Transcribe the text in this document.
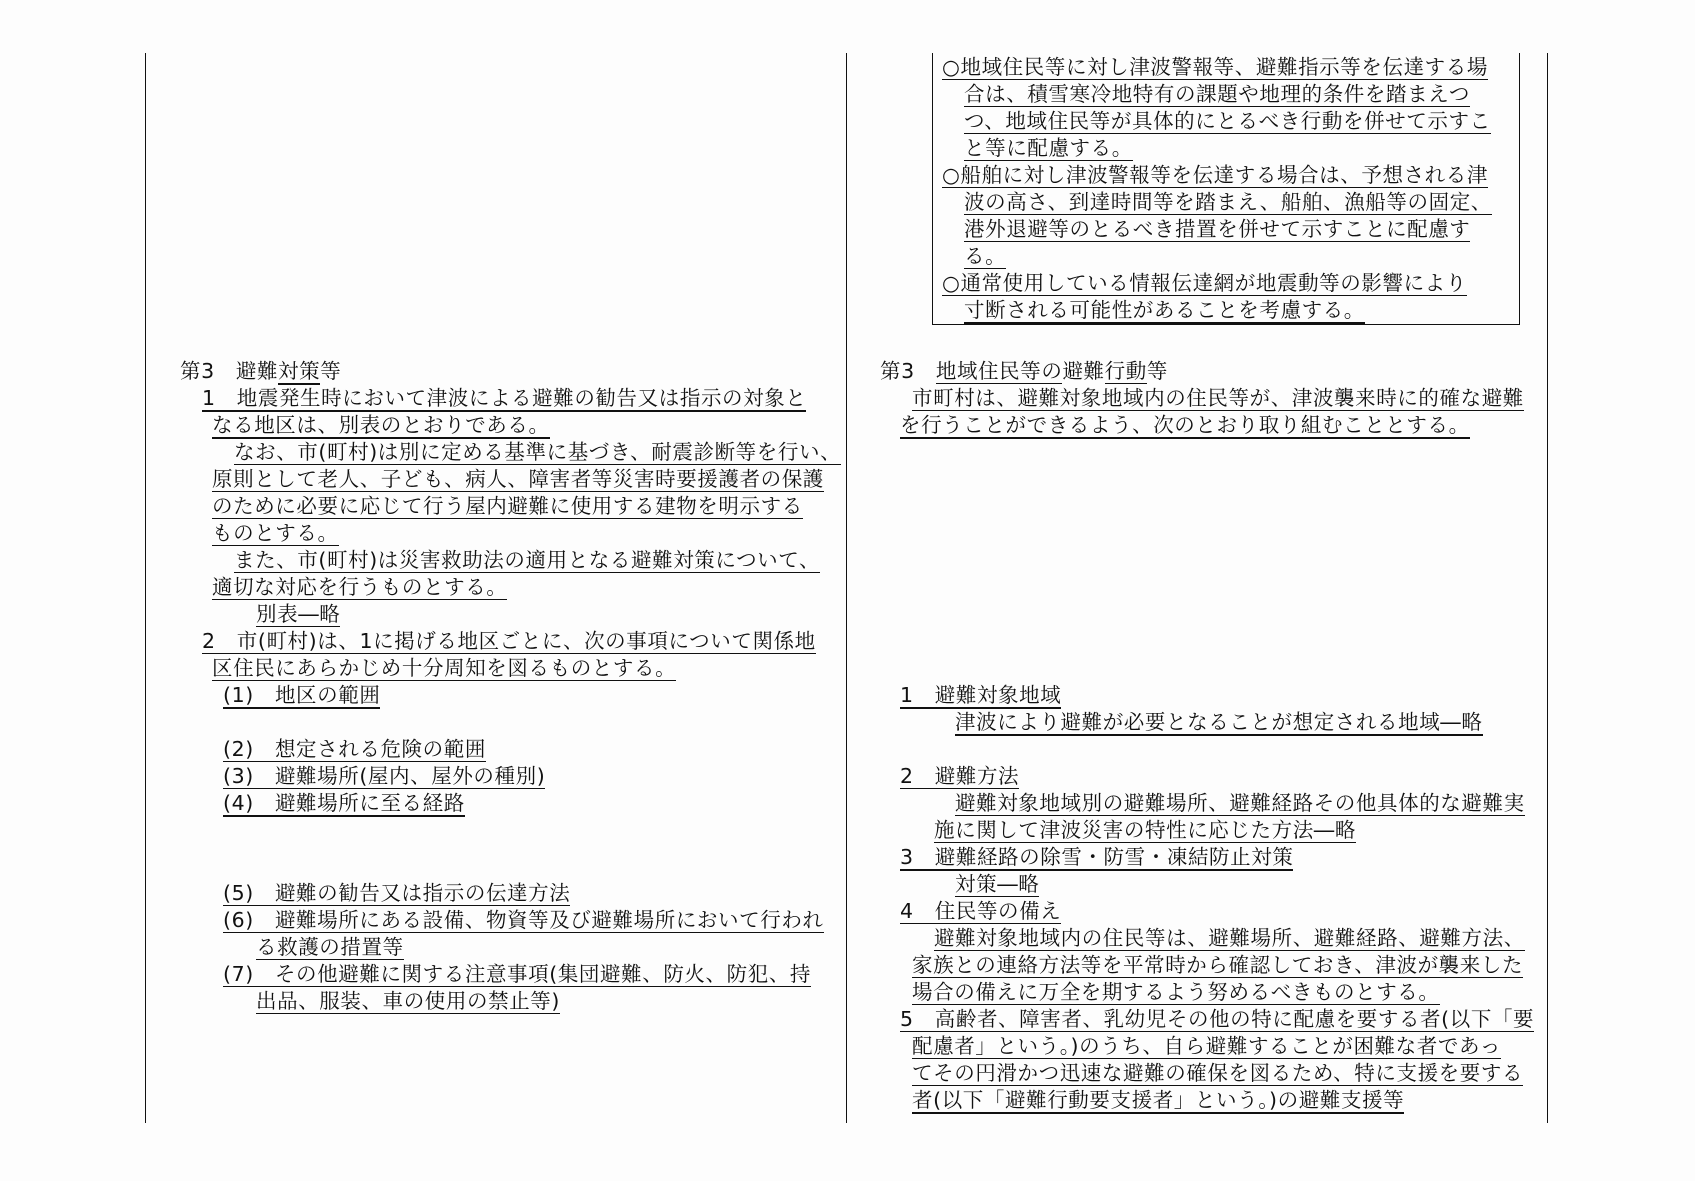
第3　避難対策等
1　地震発生時において津波による避難の勧告又は指示の対象と
なる地区は、別表のとおりである。
なお、市(町村)は別に定める基準に基づき、耐震診断等を行い、
原則として老人、子ども、病人、障害者等災害時要援護者の保護
のために必要に応じて行う屋内避難に使用する建物を明示する
ものとする。
また、市(町村)は災害救助法の適用となる避難対策について、
適切な対応を行うものとする。
別表―略
2　市(町村)は、1に掲げる地区ごとに、次の事項について関係地
区住民にあらかじめ十分周知を図るものとする。
(1)　地区の範囲
(2)　想定される危険の範囲
(3)　避難場所(屋内、屋外の種別)
(4)　避難場所に至る経路
(5)　避難の勧告又は指示の伝達方法
(6)　避難場所にある設備、物資等及び避難場所において行われ
る救護の措置等
(7)　その他避難に関する注意事項(集団避難、防火、防犯、持
出品、服装、車の使用の禁止等)
○地域住民等に対し津波警報等、避難指示等を伝達する場
合は、積雪寒冷地特有の課題や地理的条件を踏まえつ
つ、地域住民等が具体的にとるべき行動を併せて示すこ
と等に配慮する。
○船舶に対し津波警報等を伝達する場合は、予想される津
波の高さ、到達時間等を踏まえ、船舶、漁船等の固定、
港外退避等のとるべき措置を併せて示すことに配慮す
る。
○通常使用している情報伝達網が地震動等の影響により
寸断される可能性があることを考慮する。
第3　地域住民等の避難行動等
市町村は、避難対象地域内の住民等が、津波襲来時に的確な避難
を行うことができるよう、次のとおり取り組むこととする。
1　避難対象地域
津波により避難が必要となることが想定される地域―略
2　避難方法
避難対象地域別の避難場所、避難経路その他具体的な避難実
施に関して津波災害の特性に応じた方法―略
3　避難経路の除雪・防雪・凍結防止対策
対策―略
4　住民等の備え
避難対象地域内の住民等は、避難場所、避難経路、避難方法、
家族との連絡方法等を平常時から確認しておき、津波が襲来した
場合の備えに万全を期するよう努めるべきものとする。
5　高齢者、障害者、乳幼児その他の特に配慮を要する者(以下「要
配慮者」という。)のうち、自ら避難することが困難な者であっ
てその円滑かつ迅速な避難の確保を図るため、特に支援を要する
者(以下「避難行動要支援者」という。)の避難支援等
